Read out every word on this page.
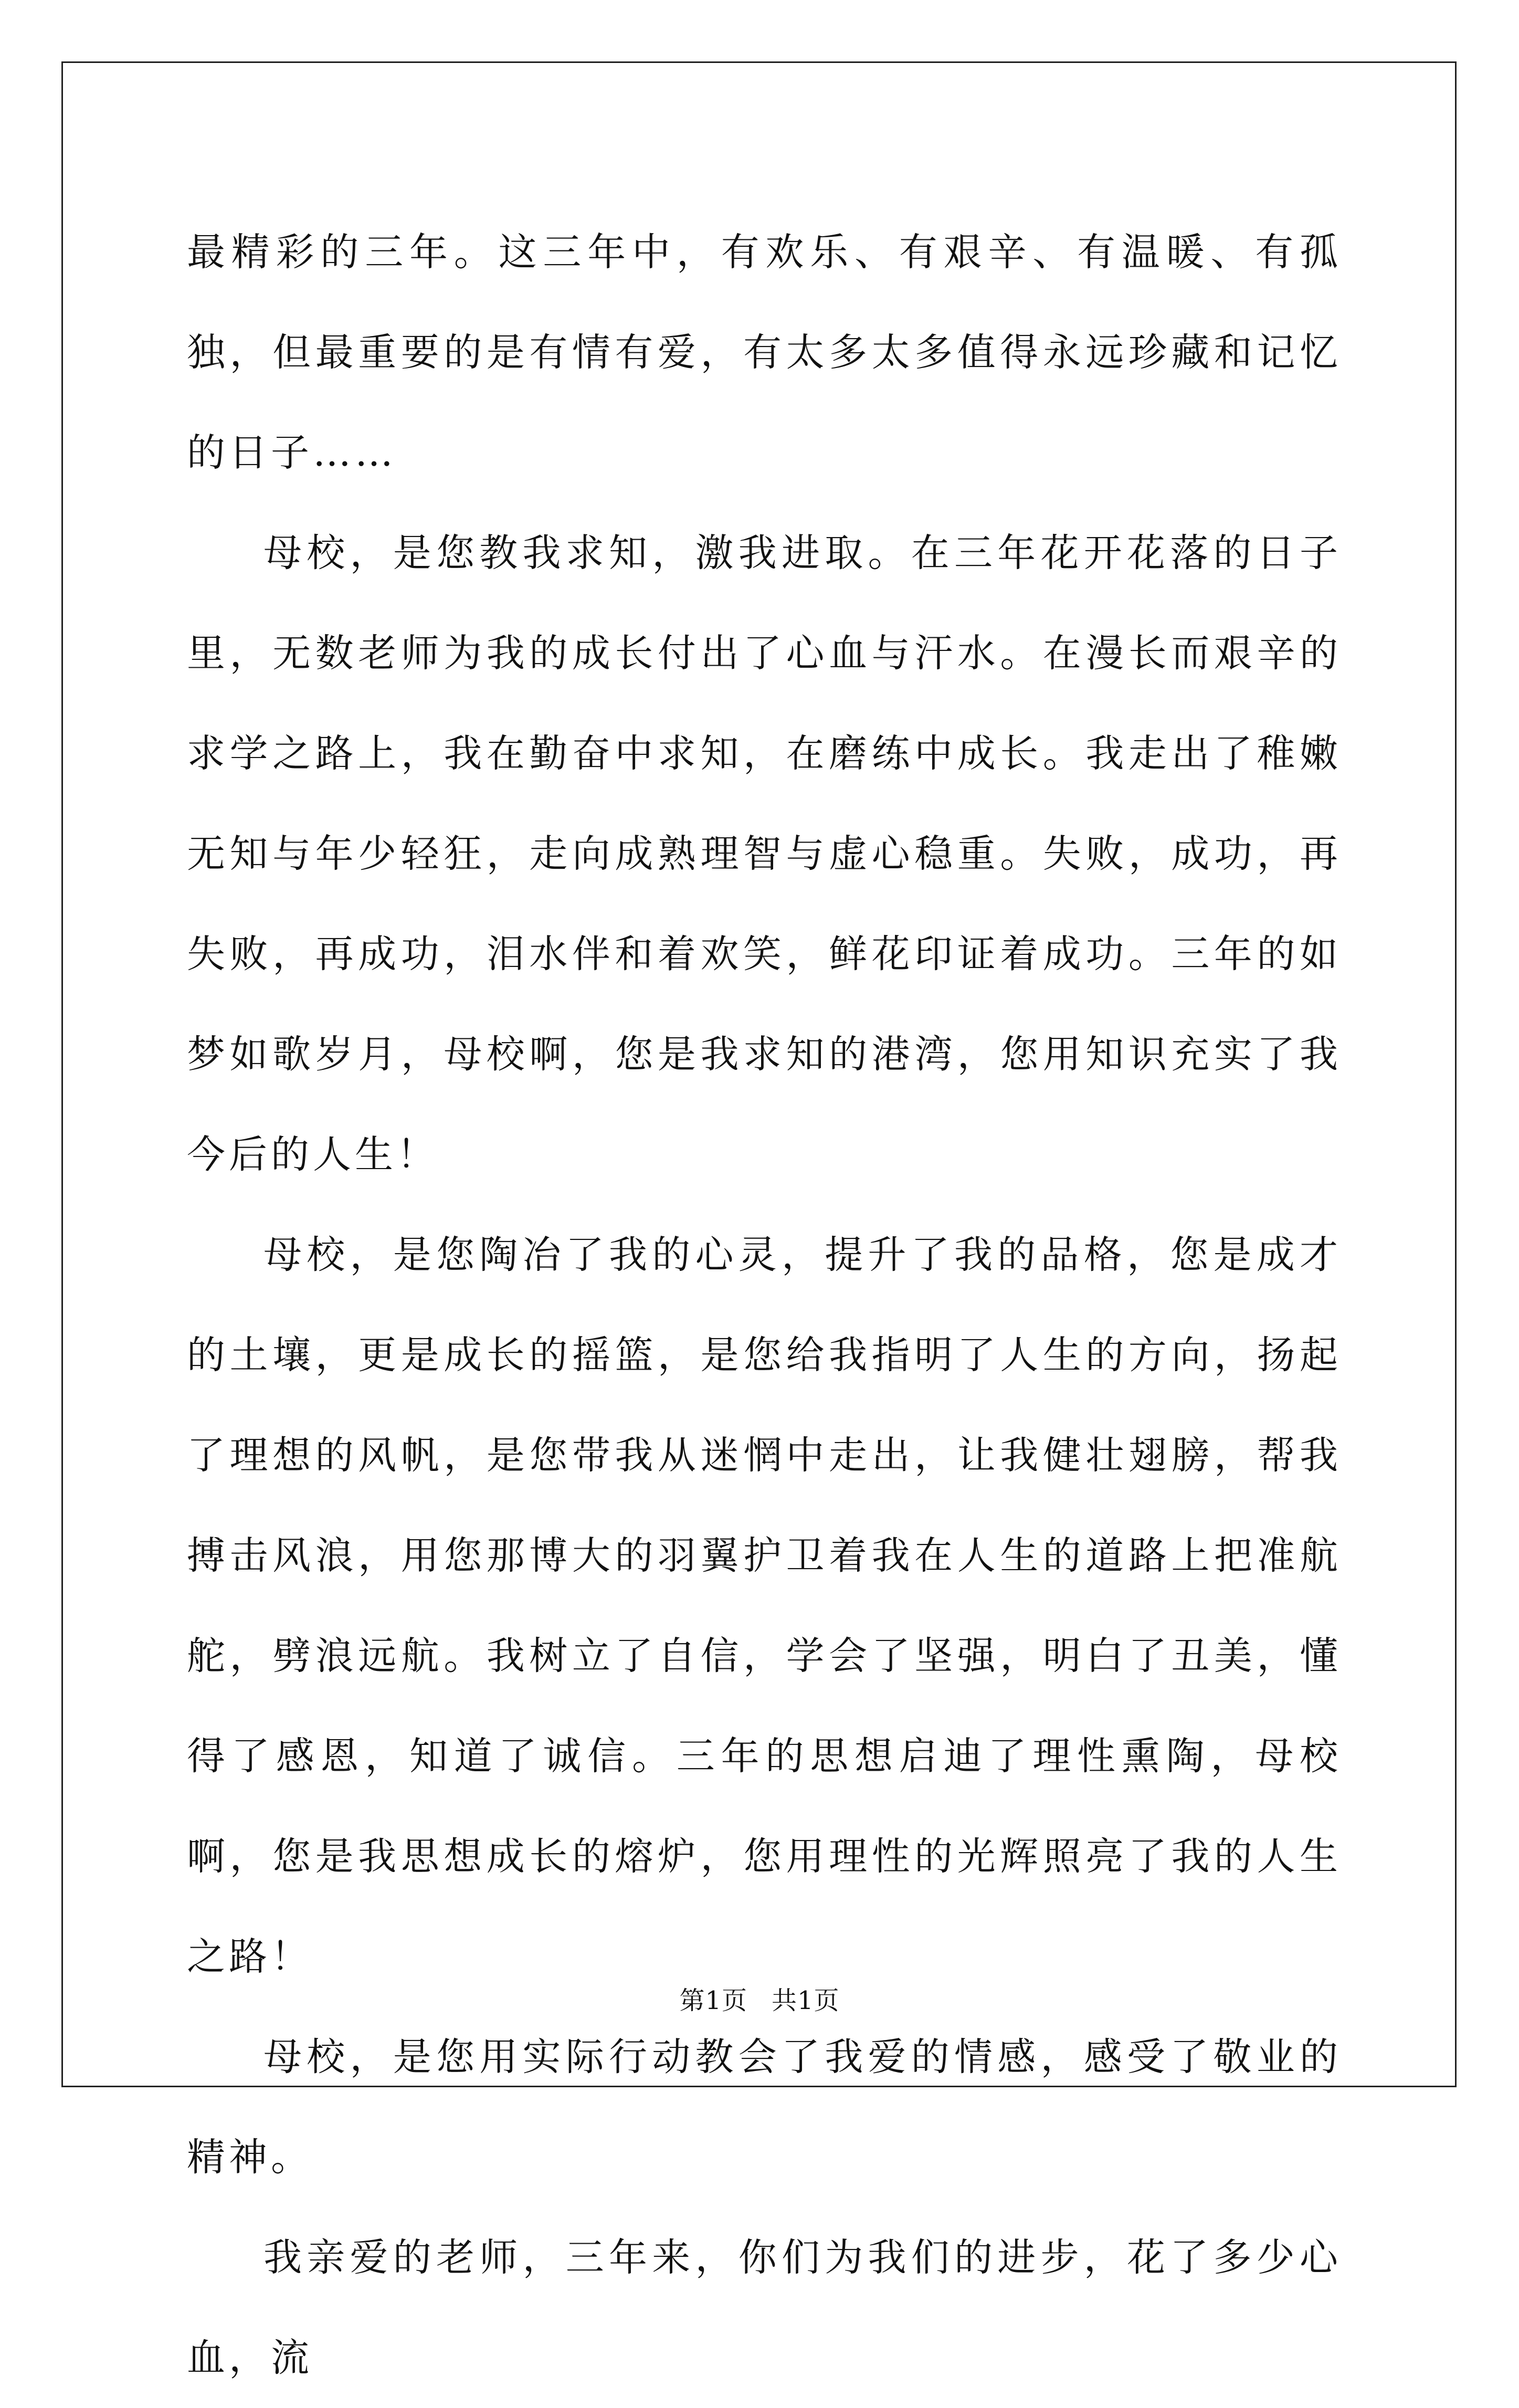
最精彩的三年。这三年中，有欢乐、有艰辛、有温暖、有孤独，但最重要的是有情有爱，有太多太多值得永远珍藏和记忆的日子……

母校，是您教我求知，激我进取。在三年花开花落的日子里，无数老师为我的成长付出了心血与汗水。在漫长而艰辛的求学之路上，我在勤奋中求知，在磨练中成长。我走出了稚嫩无知与年少轻狂，走向成熟理智与虚心稳重。失败，成功，再失败，再成功，泪水伴和着欢笑，鲜花印证着成功。三年的如梦如歌岁月，母校啊，您是我求知的港湾，您用知识充实了我今后的人生！

母校，是您陶冶了我的心灵，提升了我的品格，您是成才的土壤，更是成长的摇篮，是您给我指明了人生的方向，扬起了理想的风帆，是您带我从迷惘中走出，让我健壮翅膀，帮我搏击风浪，用您那博大的羽翼护卫着我在人生的道路上把准航舵，劈浪远航。我树立了自信，学会了坚强，明白了丑美，懂得了感恩，知道了诚信。三年的思想启迪了理性熏陶，母校啊，您是我思想成长的熔炉，您用理性的光辉照亮了我的人生之路！

母校，是您用实际行动教会了我爱的情感，感受了敬业的精神。

我亲爱的老师，三年来，你们为我们的进步，花了多少心血，流

第1页 共1页
